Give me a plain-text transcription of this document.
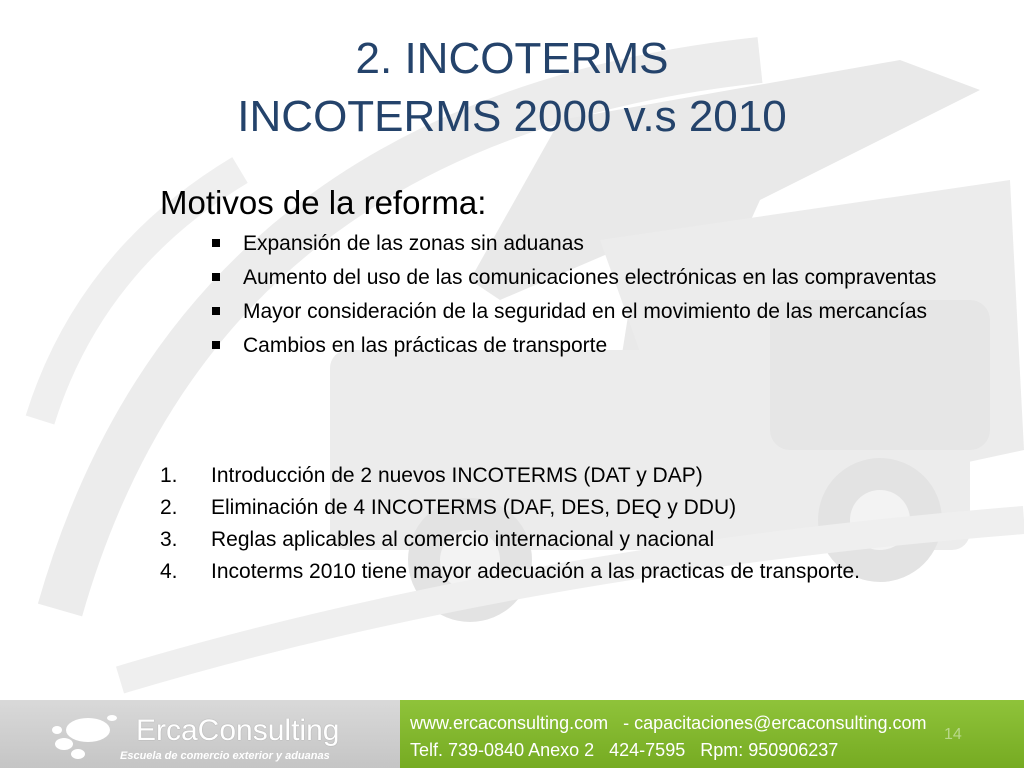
2. INCOTERMS
INCOTERMS 2000 v.s 2010
Motivos de la reforma:
Expansión de las zonas sin aduanas
Aumento del uso de las comunicaciones electrónicas en las compraventas
Mayor consideración de la seguridad en el movimiento de las mercancías
Cambios en las prácticas de transporte
1. Introducción de 2 nuevos INCOTERMS (DAT y DAP)
2. Eliminación de 4 INCOTERMS (DAF, DES, DEQ y DDU)
3. Reglas aplicables al comercio internacional y nacional
4. Incoterms 2010 tiene mayor adecuación a las practicas de transporte.
ErcaConsulting
Escuela de comercio exterior y aduanas
www.ercaconsulting.com   - capacitaciones@ercaconsulting.com
Telf. 739-0840 Anexo 2   424-7595   Rpm: 950906237
14
